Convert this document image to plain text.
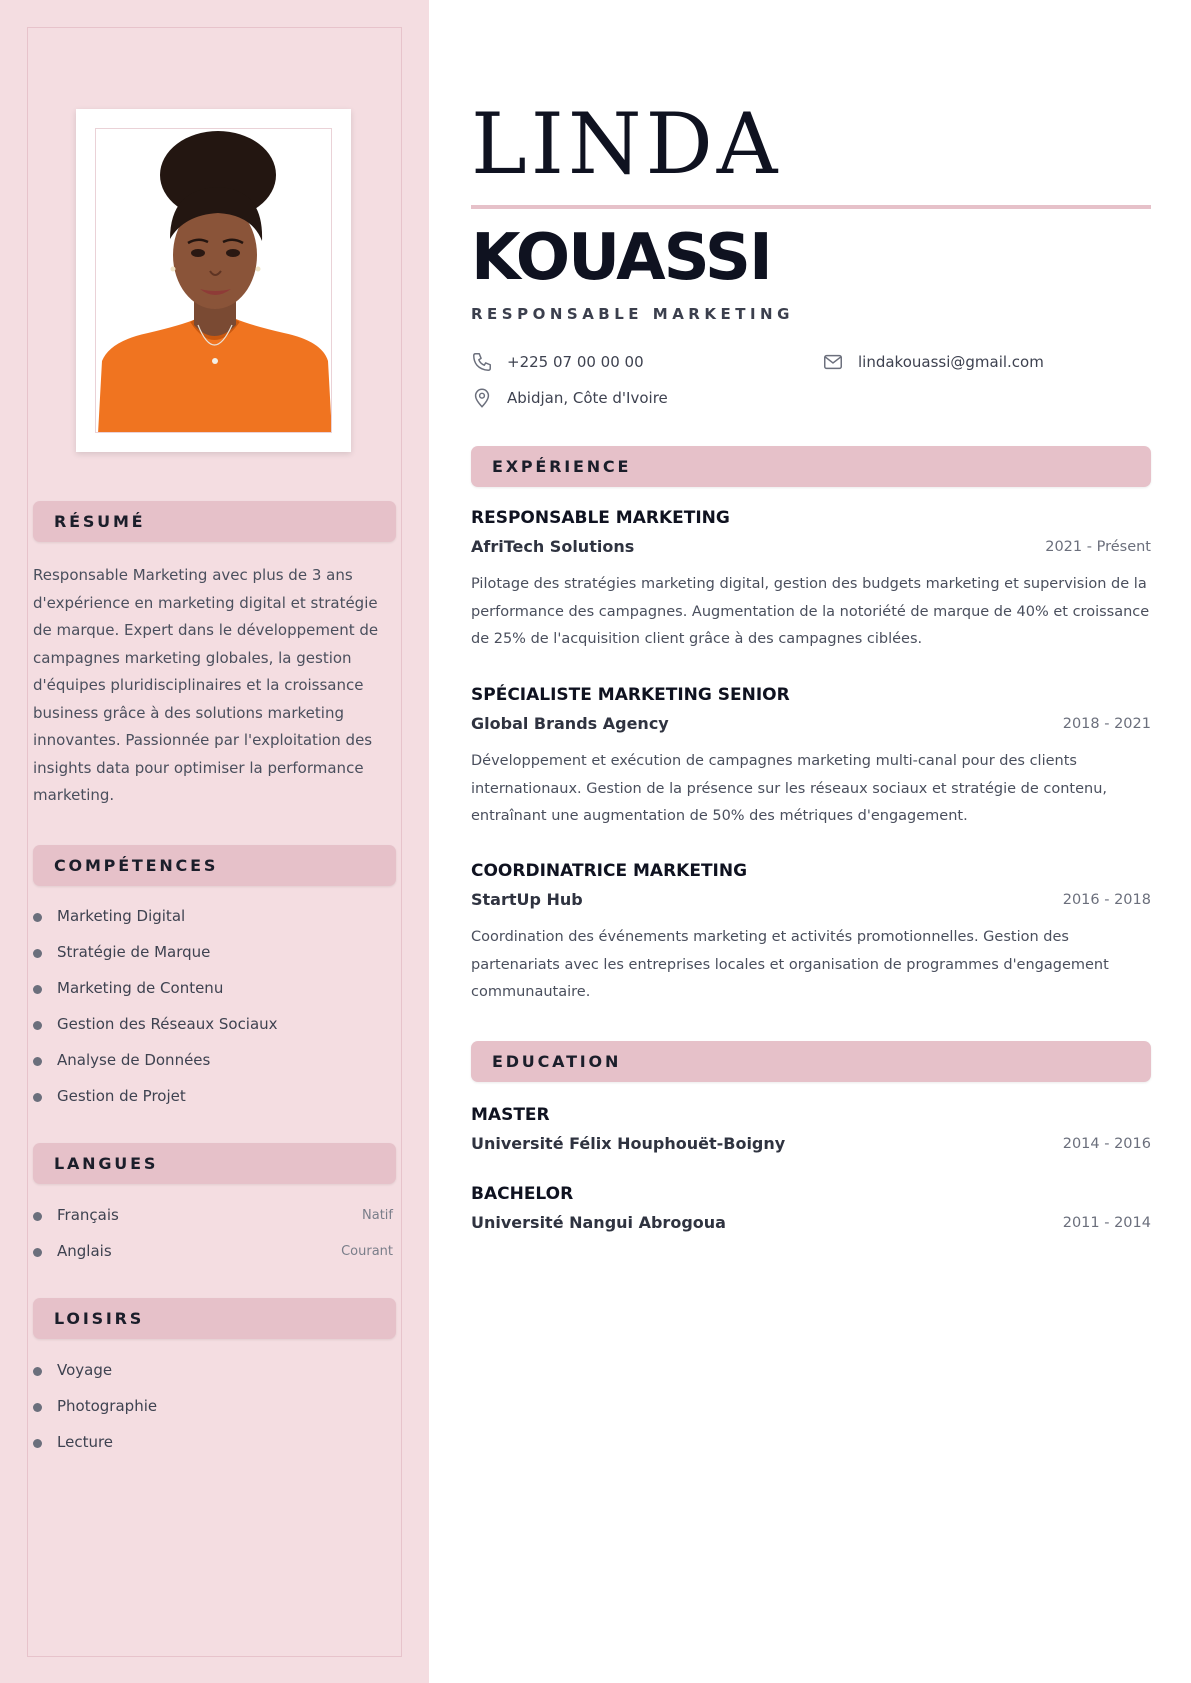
RÉSUMÉ

Responsable Marketing avec plus de 3 ans d'expérience en marketing digital et stratégie de marque. Expert dans le développement de campagnes marketing globales, la gestion d'équipes pluridisciplinaires et la croissance business grâce à des solutions marketing innovantes. Passionnée par l'exploitation des insights data pour optimiser la performance marketing.

COMPÉTENCES
Marketing Digital
Stratégie de Marque
Marketing de Contenu
Gestion des Réseaux Sociaux
Analyse de Données
Gestion de Projet
LANGUES
Français	Natif
Anglais	Courant
LOISIRS
Voyage
Photographie
Lecture
LINDA
KOUASSI
RESPONSABLE MARKETING
+225 07 00 00 00	lindakouassi@gmail.com
Abidjan, Côte d'Ivoire
EXPÉRIENCE
RESPONSABLE MARKETING
AfriTech Solutions	2021 - Présent

Pilotage des stratégies marketing digital, gestion des budgets marketing et supervision de la performance des campagnes. Augmentation de la notoriété de marque de 40% et croissance de 25% de l'acquisition client grâce à des campagnes ciblées.

SPÉCIALISTE MARKETING SENIOR
Global Brands Agency	2018 - 2021

Développement et exécution de campagnes marketing multi-canal pour des clients internationaux. Gestion de la présence sur les réseaux sociaux et stratégie de contenu, entraînant une augmentation de 50% des métriques d'engagement.

COORDINATRICE MARKETING
StartUp Hub	2016 - 2018

Coordination des événements marketing et activités promotionnelles. Gestion des partenariats avec les entreprises locales et organisation de programmes d'engagement communautaire.

EDUCATION
MASTER
Université Félix Houphouët-Boigny	2014 - 2016
BACHELOR
Université Nangui Abrogoua	2011 - 2014
